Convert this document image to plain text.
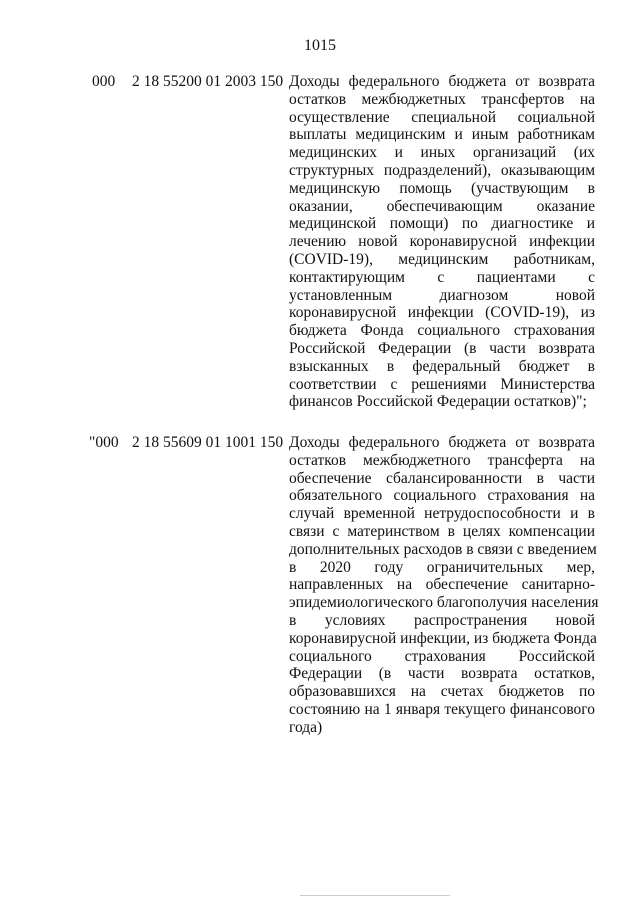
1015
000 2 18 55200 01 2003 150 Доходы федерального бюджета от возврата
остатков межбюджетных трансфертов на
осуществление специальной социальной
выплаты медицинским и иным работникам
медицинских и иных организаций (их
структурных подразделений), оказывающим
медицинскую помощь (участвующим в
оказании, обеспечивающим оказание
медицинской помощи) по диагностике и
лечению новой коронавирусной инфекции
(COVID-19), медицинским работникам,
контактирующим с пациентами с
установленным диагнозом новой
коронавирусной инфекции (COVID-19), из
бюджета Фонда социального страхования
Российской Федерации (в части возврата
взысканных в федеральный бюджет в
соответствии с решениями Министерства
финансов Российской Федерации остатков)";
"000 2 18 55609 01 1001 150 Доходы федерального бюджета от возврата
остатков межбюджетного трансферта на
обеспечение сбалансированности в части
обязательного социального страхования на
случай временной нетрудоспособности и в
связи с материнством в целях компенсации
дополнительных расходов в связи с введением
в 2020 году ограничительных мер,
направленных на обеспечение санитарно-
эпидемиологического благополучия населения
в условиях распространения новой
коронавирусной инфекции, из бюджета Фонда
социального страхования Российской
Федерации (в части возврата остатков,
образовавшихся на счетах бюджетов по
состоянию на 1 января текущего финансового
года)
